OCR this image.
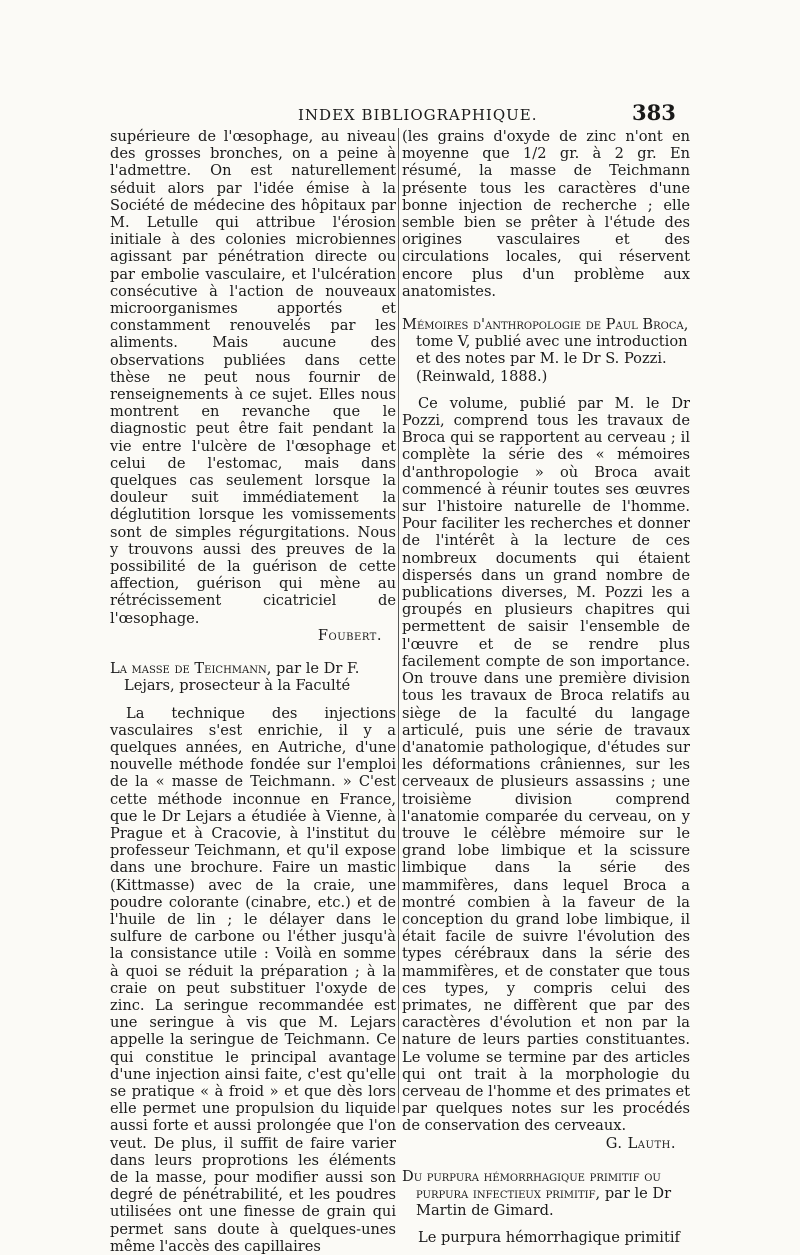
INDEX BIBLIOGRAPHIQUE.	383

supérieure de l'œsophage, au niveau des grosses bronches, on a peine à l'admettre. On est naturellement séduit alors par l'idée émise à la Société de médecine des hôpitaux par M. Letulle qui attribue l'érosion initiale à des colonies microbiennes agissant par pénétration directe ou par embolie vasculaire, et l'ulcération consécutive à l'action de nouveaux microorganismes apportés et constamment renouvelés par les aliments. Mais aucune des observations publiées dans cette thèse ne peut nous fournir de renseignements à ce sujet. Elles nous montrent en revanche que le diagnostic peut être fait pendant la vie entre l'ulcère de l'œsophage et celui de l'estomac, mais dans quelques cas seulement lorsque la douleur suit immédiatement la déglutition lorsque les vomissements sont de simples régurgitations. Nous y trouvons aussi des preuves de la possibilité de la guérison de cette affection, guérison qui mène au rétrécissement cicatriciel de l'œsophage.

Foubert.

La masse de Teichmann, par le Dr F. Lejars, prosecteur à la Faculté

La technique des injections vasculaires s'est enrichie, il y a quelques années, en Autriche, d'une nouvelle méthode fondée sur l'emploi de la « masse de Teichmann. » C'est cette méthode inconnue en France, que le Dr Lejars a étudiée à Vienne, à Prague et à Cracovie, à l'institut du professeur Teichmann, et qu'il expose dans une brochure. Faire un mastic (Kittmasse) avec de la craie, une poudre colorante (cinabre, etc.) et de l'huile de lin ; le délayer dans le sulfure de carbone ou l'éther jusqu'à la consistance utile : Voilà en somme à quoi se réduit la préparation ; à la craie on peut substituer l'oxyde de zinc. La seringue recommandée est une seringue à vis que M. Lejars appelle la seringue de Teichmann. Ce qui constitue le principal avantage d'une injection ainsi faite, c'est qu'elle se pratique « à froid » et que dès lors elle permet une propulsion du liquide aussi forte et aussi prolongée que l'on veut. De plus, il suffit de faire varier dans leurs proprotions les éléments de la masse, pour modifier aussi son degré de pénétrabilité, et les poudres utilisées ont une finesse de grain qui permet sans doute à quelques-unes même l'accès des capillaires

(les grains d'oxyde de zinc n'ont en moyenne que 1/2 gr. à 2 gr. En résumé, la masse de Teichmann présente tous les caractères d'une bonne injection de recherche ; elle semble bien se prêter à l'étude des origines vasculaires et des circulations locales, qui réservent encore plus d'un problème aux anatomistes.

Mémoires d'anthropologie de Paul Broca, tome V, publié avec une introduction et des notes par M. le Dr S. Pozzi. (Reinwald, 1888.)

Ce volume, publié par M. le Dr Pozzi, comprend tous les travaux de Broca qui se rapportent au cerveau ; il complète la série des « mémoires d'anthropologie » où Broca avait commencé à réunir toutes ses œuvres sur l'histoire naturelle de l'homme. Pour faciliter les recherches et donner de l'intérêt à la lecture de ces nombreux documents qui étaient dispersés dans un grand nombre de publications diverses, M. Pozzi les a groupés en plusieurs chapitres qui permettent de saisir l'ensemble de l'œuvre et de se rendre plus facilement compte de son importance. On trouve dans une première division tous les travaux de Broca relatifs au siège de la faculté du langage articulé, puis une série de travaux d'anatomie pathologique, d'études sur les déformations crâniennes, sur les cerveaux de plusieurs assassins ; une troisième division comprend l'anatomie comparée du cerveau, on y trouve le célèbre mémoire sur le grand lobe limbique et la scissure limbique dans la série des mammifères, dans lequel Broca a montré combien à la faveur de la conception du grand lobe limbique, il était facile de suivre l'évolution des types cérébraux dans la série des mammifères, et de constater que tous ces types, y compris celui des primates, ne diffèrent que par des caractères d'évolution et non par la nature de leurs parties constituantes. Le volume se termine par des articles qui ont trait à la morphologie du cerveau de l'homme et des primates et par quelques notes sur les procédés de conservation des cerveaux.

G. Lauth.

Du purpura hémorrhagique primitif ou purpura infectieux primitif, par le Dr Martin de Gimard.

Le purpura hémorrhagique primitif
